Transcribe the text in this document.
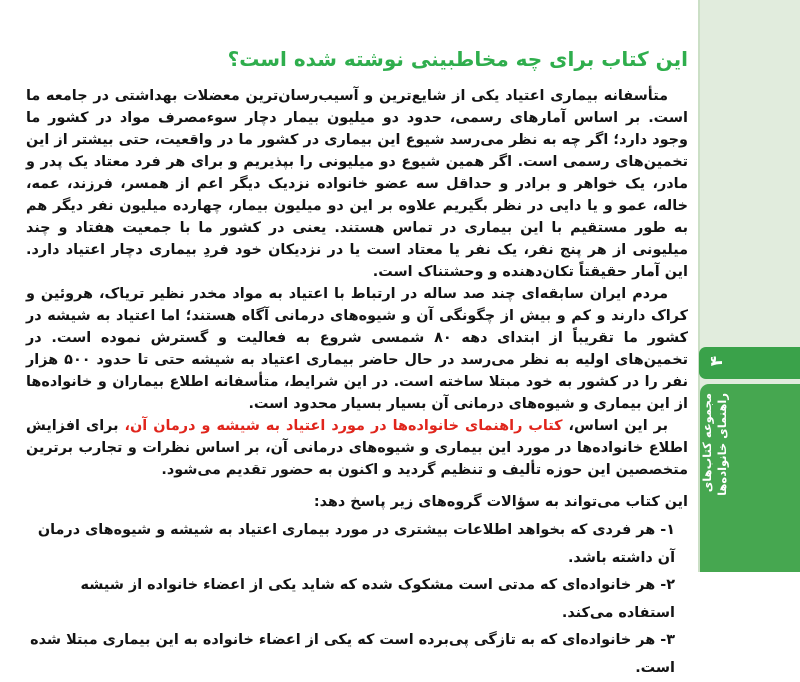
۴
مجموعه کتاب‌های راهنمای خانواده‌ها
این کتاب برای چه مخاطبینی نوشته شده است؟

متأسفانه بیماری اعتیاد یکی از شایع‌ترین و آسیب‌رسان‌ترین معضلات بهداشتی در جامعه ما است. بر اساس آمارهای رسمی، حدود دو میلیون بیمار دچار سوءمصرف مواد در کشور ما وجود دارد؛ اگر چه به نظر می‌رسد شیوع این بیماری در کشور ما در واقعیت، حتی بیشتر از این تخمین‌های رسمی است. اگر همین شیوع دو میلیونی را بپذیریم و برای هر فرد معتاد یک پدر و مادر، یک خواهر و برادر و حداقل سه عضو خانواده نزدیک دیگر اعم از همسر، فرزند، عمه، خاله، عمو و یا دایی در نظر بگیریم علاوه بر این دو میلیون بیمار، چهارده میلیون نفر دیگر هم به طور مستقیم با این بیماری در تماس هستند. یعنی در کشور ما با جمعیت هفتاد و چند میلیونی از هر پنج نفر، یک نفر یا معتاد است یا در نزدیکان خود فردِ بیماری دچار اعتیاد دارد. این آمار حقیقتاً تکان‌دهنده و وحشتناک است.

مردم ایران سابقه‌ای چند صد ساله در ارتباط با اعتیاد به مواد مخدر نظیر تریاک، هروئین و کراک دارند و کم و بیش از چگونگی آن و شیوه‌های درمانی آگاه هستند؛ اما اعتیاد به شیشه در کشور ما تقریباً از ابتدای دهه ۸۰ شمسی شروع به فعالیت و گسترش نموده است. در تخمین‌های اولیه به نظر می‌رسد در حال حاضر بیماری اعتیاد به شیشه حتی تا حدود ۵۰۰ هزار نفر را در کشور به خود مبتلا ساخته است. در این شرایط، متأسفانه اطلاع بیماران و خانواده‌ها از این بیماری و شیوه‌های درمانی آن بسیار بسیار محدود است.

بر این اساس، کتاب راهنمای خانواده‌ها در مورد اعتیاد به شیشه و درمان آن، برای افزایش اطلاع خانواده‌ها در مورد این بیماری و شیوه‌های درمانی آن، بر اساس نظرات و تجارب برترین متخصصین این حوزه تألیف و تنظیم گردید و اکنون به حضور تقدیم می‌شود.

این کتاب می‌تواند به سؤالات گروه‌های زیر پاسخ دهد:

۱- هر فردی که بخواهد اطلاعات بیشتری در مورد بیماری اعتیاد به شیشه و شیوه‌های درمان آن داشته باشد.
۲- هر خانواده‌ای که مدتی است مشکوک شده که شاید یکی از اعضاء خانواده از شیشه استفاده می‌کند.
۳- هر خانواده‌ای که به تازگی پی‌برده است که یکی از اعضاء خانواده به این بیماری مبتلا شده است.
